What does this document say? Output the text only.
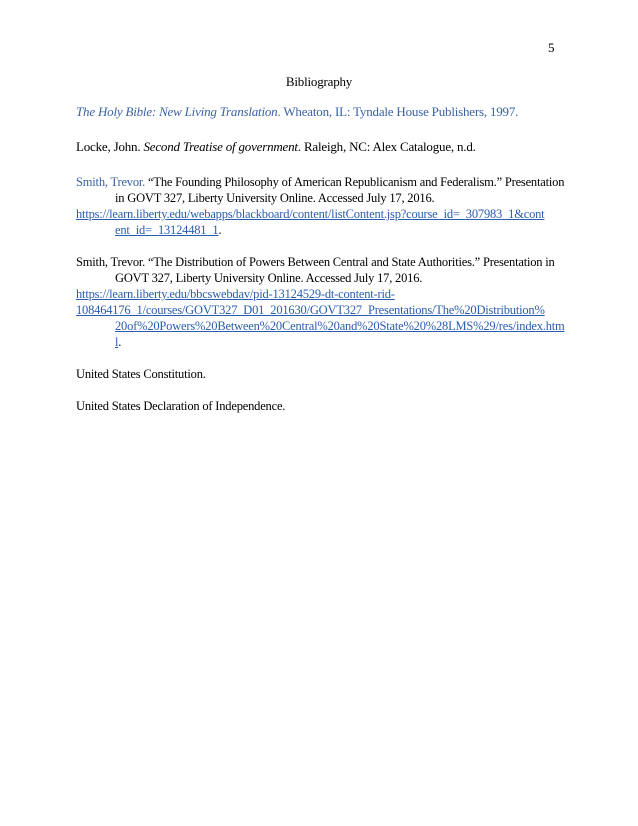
5
Bibliography
The Holy Bible: New Living Translation. Wheaton, IL: Tyndale House Publishers, 1997.
Locke, John. Second Treatise of government. Raleigh, NC: Alex Catalogue, n.d.
Smith, Trevor. “The Founding Philosophy of American Republicanism and Federalism.” Presentation in GOVT 327, Liberty University Online. Accessed July 17, 2016.
https://learn.liberty.edu/webapps/blackboard/content/listContent.jsp?course_id=_307983_1&cont
ent_id=_13124481_1.
Smith, Trevor. “The Distribution of Powers Between Central and State Authorities.” Presentation in GOVT 327, Liberty University Online. Accessed July 17, 2016.
https://learn.liberty.edu/bbcswebdav/pid-13124529-dt-content-rid-
108464176_1/courses/GOVT327_D01_201630/GOVT327_Presentations/The%20Distribution%
20of%20Powers%20Between%20Central%20and%20State%20%28LMS%29/res/index.html.
United States Constitution.
United States Declaration of Independence.
